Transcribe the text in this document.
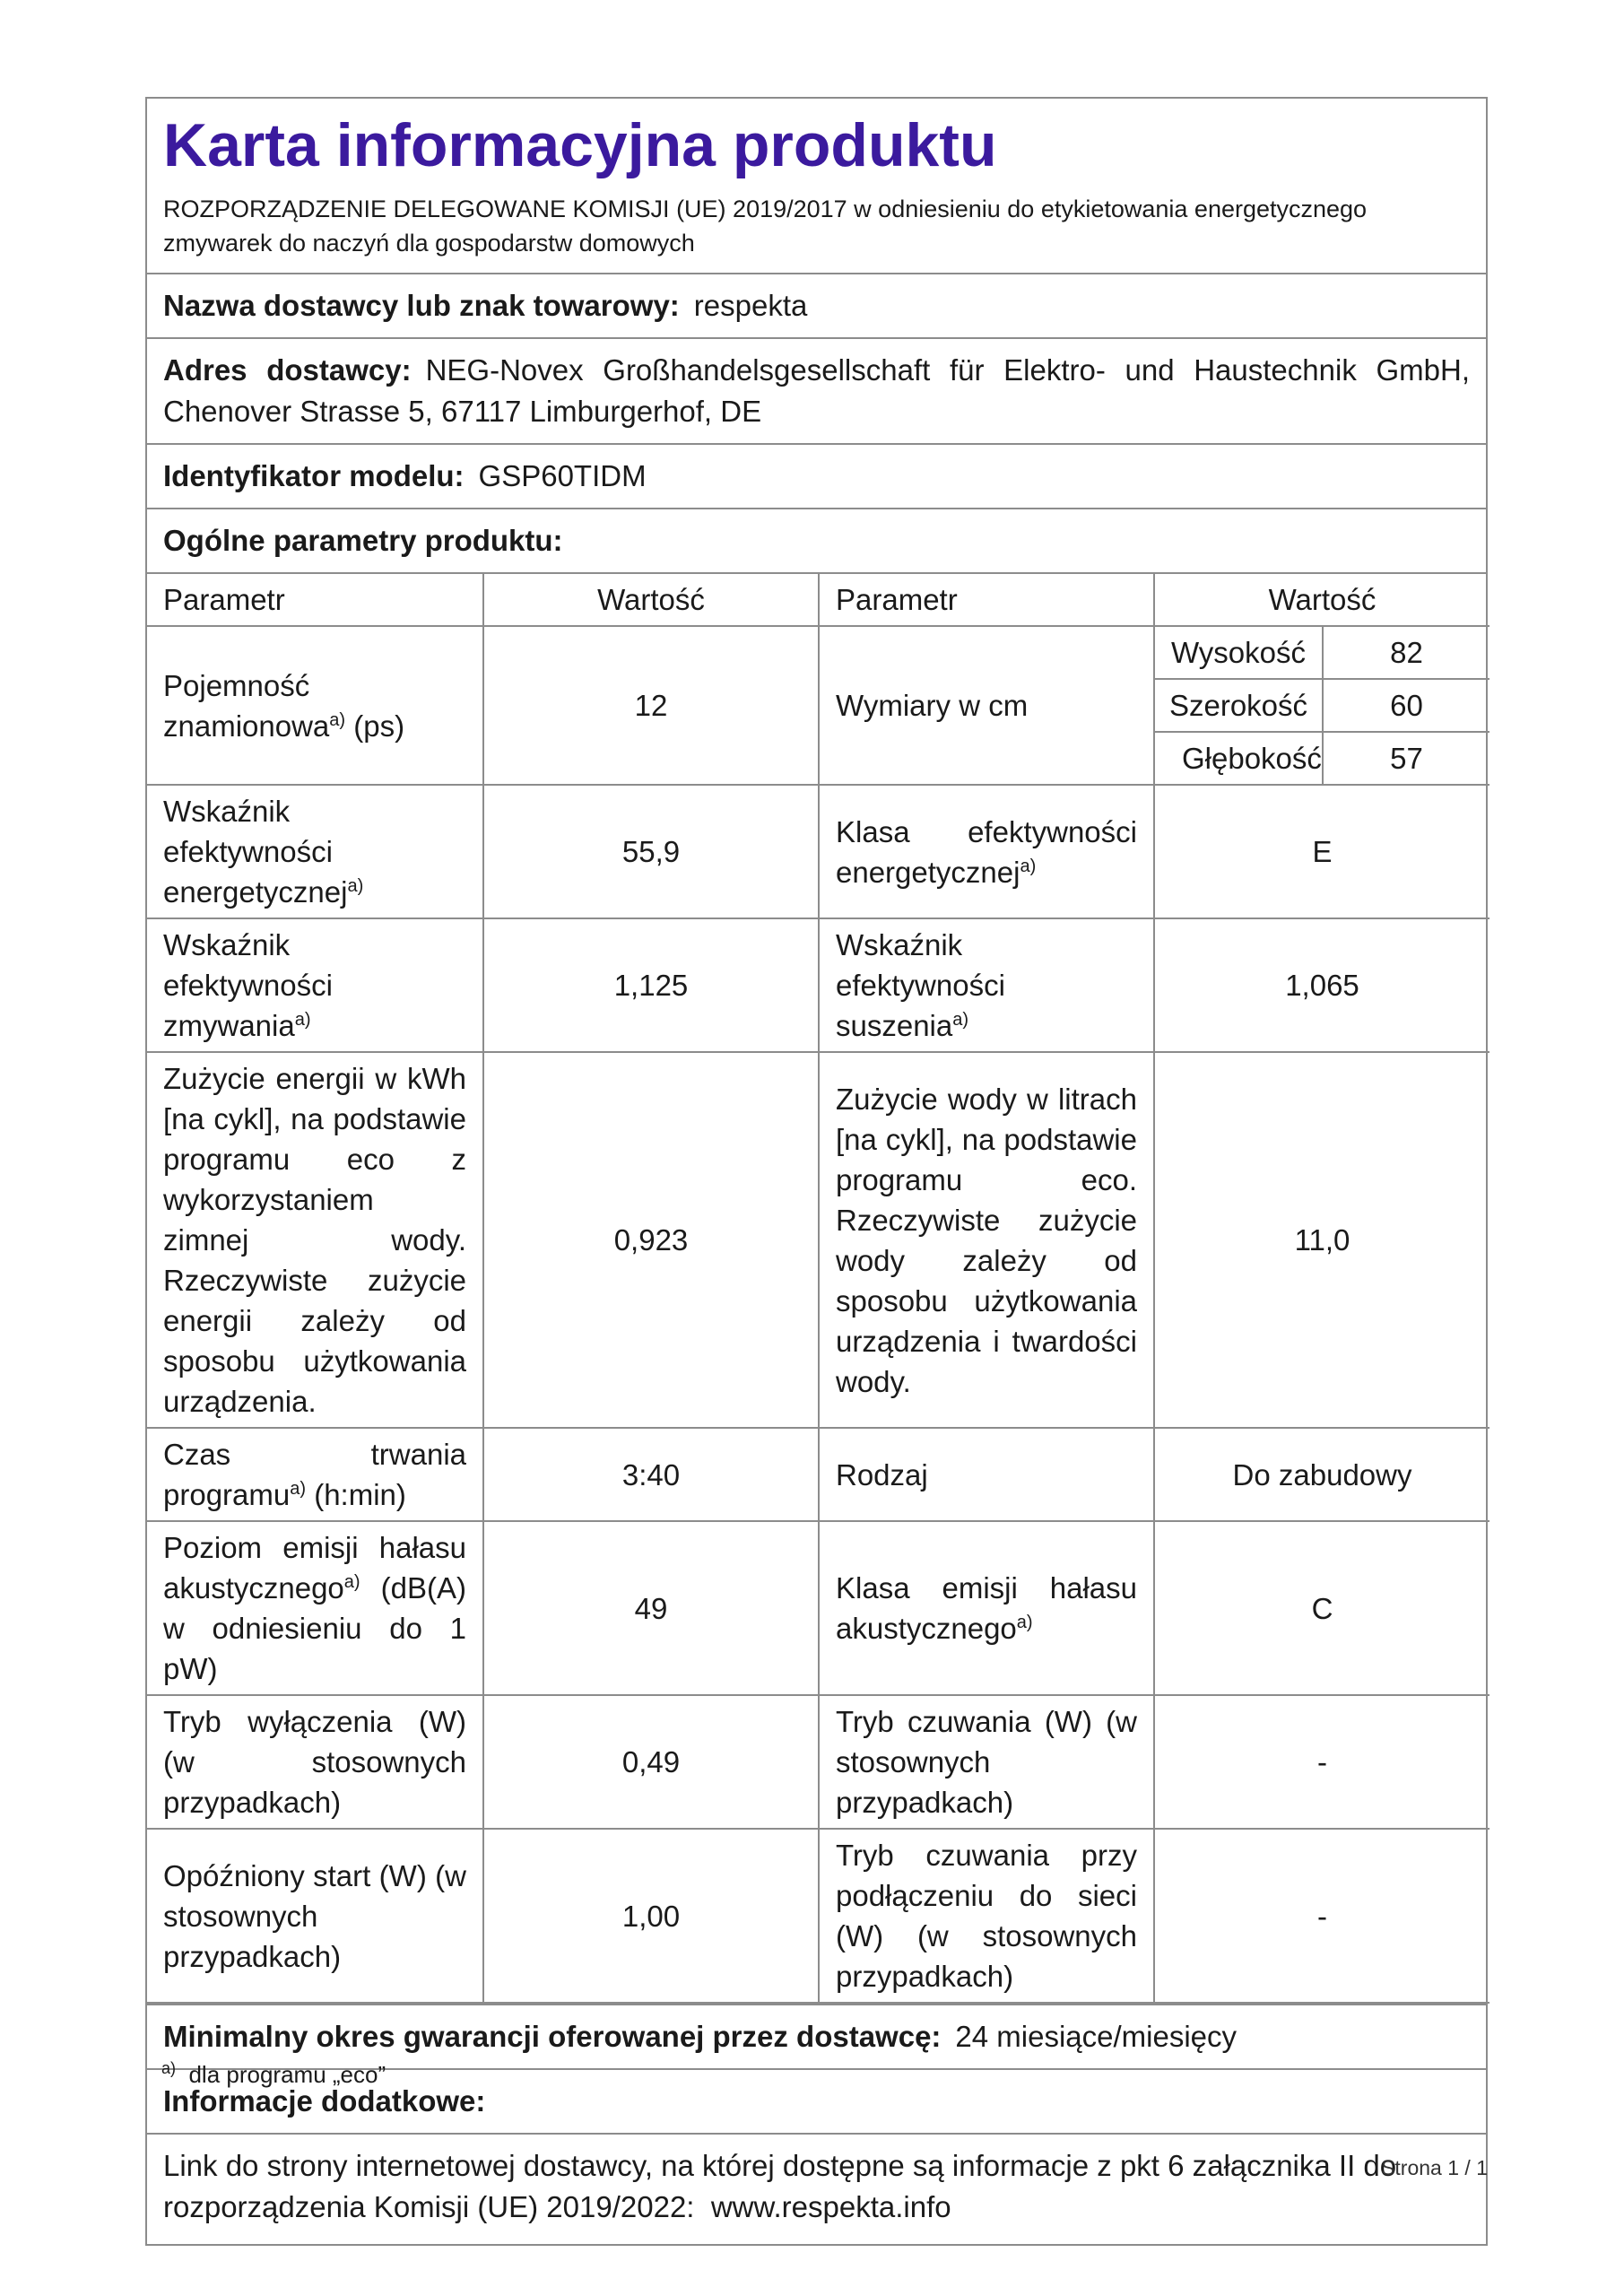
Karta informacyjna produktu
ROZPORZĄDZENIE DELEGOWANE KOMISJI (UE) 2019/2017 w odniesieniu do etykietowania energetycznego zmywarek do naczyń dla gospodarstw domowych
Nazwa dostawcy lub znak towarowy: respekta
Adres dostawcy: NEG-Novex Großhandelsgesellschaft für Elektro- und Haustechnik GmbH, Chenover Strasse 5, 67117 Limburgerhof, DE
Identyfikator modelu: GSP60TIDM
Ogólne parametry produktu:
Parametr	Wartość	Parametr	Wartość	
Pojemność znamionowa$^{a)}$ (ps)	12	Wymiary w cm	Wysokość	82
			Szerokość	60
			Głębokość	57
Wskaźnik efektywności energetycznej$^{a)}$	55,9	Klasa efektywności energetycznej$^{a)}$	E	
Wskaźnik efektywności zmywania$^{a)}$	1,125	Wskaźnik efektywności suszenia$^{a)}$	1,065	
Zużycie energii w kWh [na cykl], na podstawie programu eco z wykorzystaniem zimnej wody. Rzeczywiste zużycie energii zależy od sposobu użytkowania urządzenia.	0,923	Zużycie wody w litrach [na cykl], na podstawie programu eco. Rzeczywiste zużycie wody zależy od sposobu użytkowania urządzenia i twardości wody.	11,0	
Czas trwania programu$^{a)}$ (h:min)	3:40	Rodzaj	Do zabudowy	
Poziom emisji hałasu akustycznego$^{a)}$ (dB(A) w odniesieniu do 1 pW)	49	Klasa emisji hałasu akustycznego$^{a)}$	C	
Tryb wyłączenia (W) (w stosownych przypadkach)	0,49	Tryb czuwania (W) (w stosownych przypadkach)	-	
Opóźniony start (W) (w stosownych przypadkach)	1,00	Tryb czuwania przy podłączeniu do sieci (W) (w stosownych przypadkach)	-	
Minimalny okres gwarancji oferowanej przez dostawcę: 24 miesiące/miesięcy
Informacje dodatkowe:
Link do strony internetowej dostawcy, na której dostępne są informacje z pkt 6 załącznika II do rozporządzenia Komisji (UE) 2019/2022: www.respekta.info
$^{a)}$ dla programu „eco”
Strona 1 / 1
